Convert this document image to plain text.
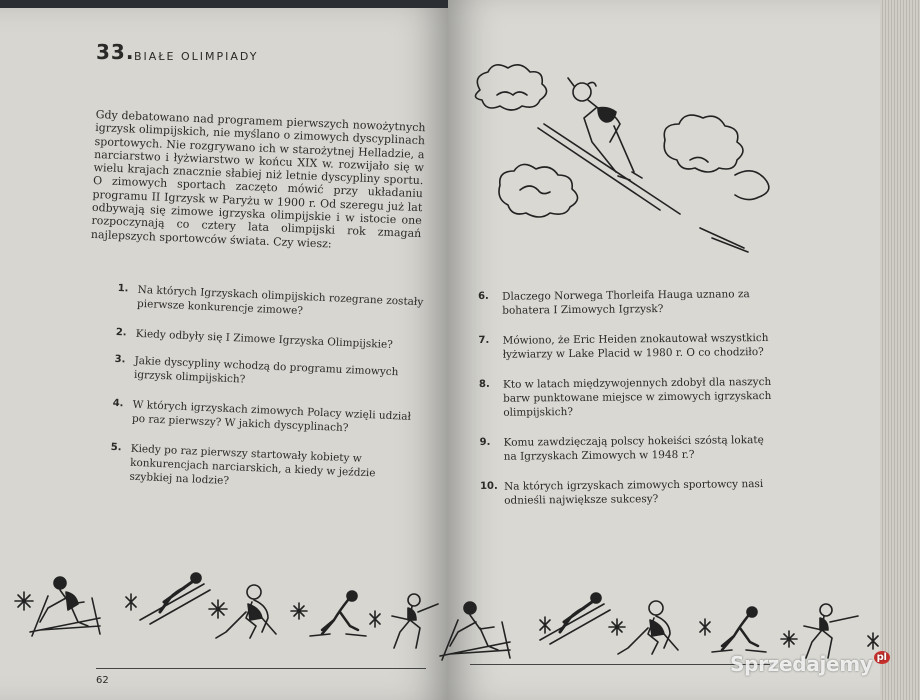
33. BIAŁE OLIMPIADY
Gdy debatowano nad programem pierwszych nowożytnych igrzysk olimpijskich, nie myślano o zimowych dyscyplinach sportowych. Nie rozgrywano ich w starożytnej Helladzie, a narciarstwo i łyżwiarstwo w końcu XIX w. rozwijało się w wielu krajach znacznie słabiej niż letnie dyscypliny sportu. O zimowych sportach zaczęto mówić przy układaniu programu II Igrzysk w Paryżu w 1900 r. Od szeregu już lat odbywają się zimowe igrzyska olimpijskie i w istocie one rozpoczynają co cztery lata olimpijski rok zmagań najlepszych sportowców świata. Czy wiesz:
1. Na których Igrzyskach olimpijskich rozegrane zostały pierwsze konkurencje zimowe?
2. Kiedy odbyły się I Zimowe Igrzyska Olimpijskie?
3. Jakie dyscypliny wchodzą do programu zimowych igrzysk olimpijskich?
4. W których igrzyskach zimowych Polacy wzięli udział po raz pierwszy? W jakich dyscyplinach?
5. Kiedy po raz pierwszy startowały kobiety w konkurencjach narciarskich, a kiedy w jeździe szybkiej na lodzie?
6.	Dlaczego Norwega Thorleifa Hauga uznano za bohatera I Zimowych Igrzysk?
7.	Mówiono, że Eric Heiden znokautował wszystkich łyżwiarzy w Lake Placid w 1980 r. O co chodziło?
8.	Kto w latach międzywojennych zdobył dla naszych barw punktowane miejsce w zimowych igrzyskach olimpijskich?
9.	Komu zawdzięczają polscy hokeiści szóstą lokatę na Igrzyskach Zimowych w 1948 r.?
10. Na których igrzyskach zimowych sportowcy nasi odnieśli największe sukcesy?
62
Sprzedajemy $^{pl}$
